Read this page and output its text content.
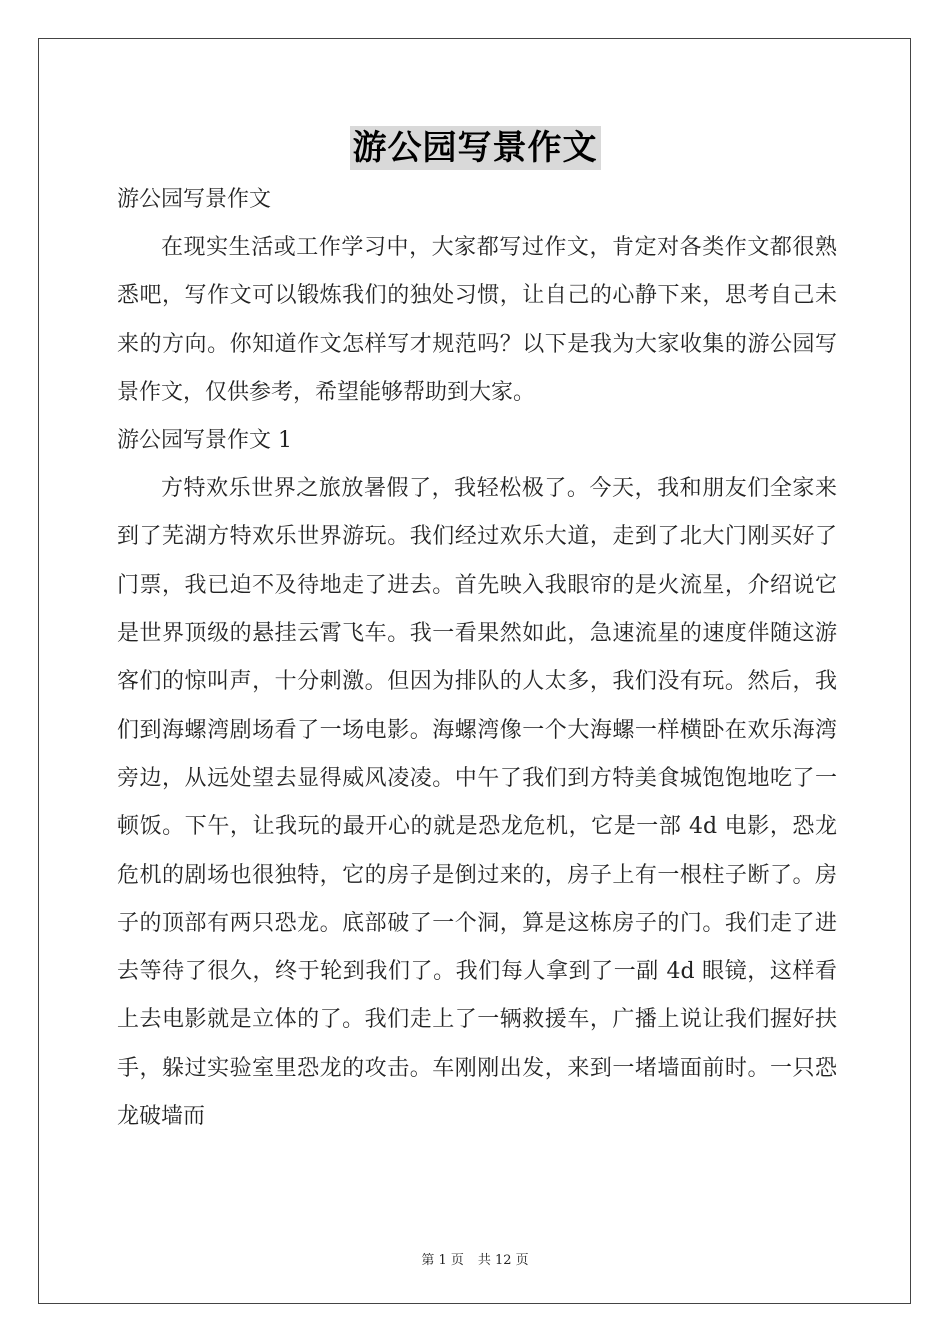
游公园写景作文
游公园写景作文

在现实生活或工作学习中，大家都写过作文，肯定对各类作文都很熟悉吧，写作文可以锻炼我们的独处习惯，让自己的心静下来，思考自己未来的方向。你知道作文怎样写才规范吗？以下是我为大家收集的游公园写景作文，仅供参考，希望能够帮助到大家。

游公园写景作文 1

方特欢乐世界之旅放暑假了，我轻松极了。今天，我和朋友们全家来到了芜湖方特欢乐世界游玩。我们经过欢乐大道，走到了北大门刚买好了门票，我已迫不及待地走了进去。首先映入我眼帘的是火流星，介绍说它是世界顶级的悬挂云霄飞车。我一看果然如此，急速流星的速度伴随这游客们的惊叫声，十分刺激。但因为排队的人太多，我们没有玩。然后，我们到海螺湾剧场看了一场电影。海螺湾像一个大海螺一样横卧在欢乐海湾旁边，从远处望去显得威风凌凌。中午了我们到方特美食城饱饱地吃了一顿饭。下午，让我玩的最开心的就是恐龙危机，它是一部 4d 电影，恐龙危机的剧场也很独特，它的房子是倒过来的，房子上有一根柱子断了。房子的顶部有两只恐龙。底部破了一个洞，算是这栋房子的门。我们走了进去等待了很久，终于轮到我们了。我们每人拿到了一副 4d 眼镜，这样看上去电影就是立体的了。我们走上了一辆救援车，广播上说让我们握好扶手，躲过实验室里恐龙的攻击。车刚刚出发，来到一堵墙面前时。一只恐龙破墙而

第 1 页 共 12 页
